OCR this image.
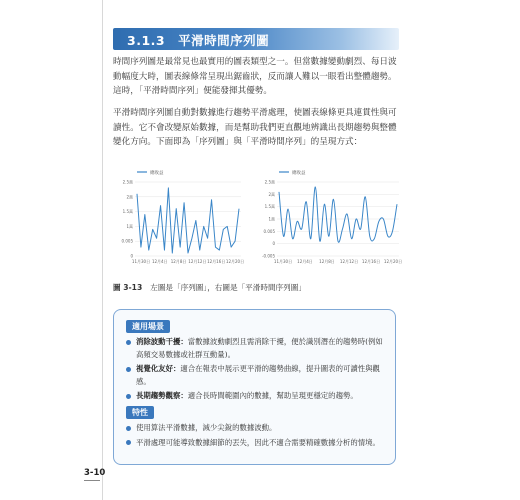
3.1.3　平滑時間序列圖
時間序列圖是最常見也最實用的圖表類型之一。但當數據變動劇烈、每日波動幅度大時，圖表線條常呈現出鋸齒狀，反而讓人難以一眼看出整體趨勢。這時，「平滑時間序列」便能發揮其優勢。
平滑時間序列圖自動對數據進行趨勢平滑處理，使圖表線條更具連貫性與可讀性。它不會改變原始數據，而是幫助我們更直觀地辨識出長期趨勢與整體變化方向。下面即為「序列圖」與「平滑時間序列」的呈現方式：
總收益
0
0.005
1萬
1.5萬
2萬
2.5萬
11月30日 12月4日 12月8日 12月12日 12月16日 12月20日
總收益
-0.005
0
0.005
1萬
1.5萬
2萬
2.5萬
11月30日 12月4日 12月8日 12月12日 12月16日 12月20日
圖 3-13 左圖是「序列圖」，右圖是「平滑時間序列圖」
適用場景
消除波動干擾：當數據波動劇烈且需消除干擾，便於識別潛在的趨勢時(例如高頻交易數據或社群互動量)。
視覺化友好：適合在報表中展示更平滑的趨勢曲線，提升圖表的可讀性與觀感。
長期趨勢觀察：適合長時間範圍內的數據，幫助呈現更穩定的趨勢。
特性
使用算法平滑數據，減少尖銳的數據波動。
平滑處理可能導致數據細節的丟失，因此不適合需要精確數據分析的情境。
3-10
